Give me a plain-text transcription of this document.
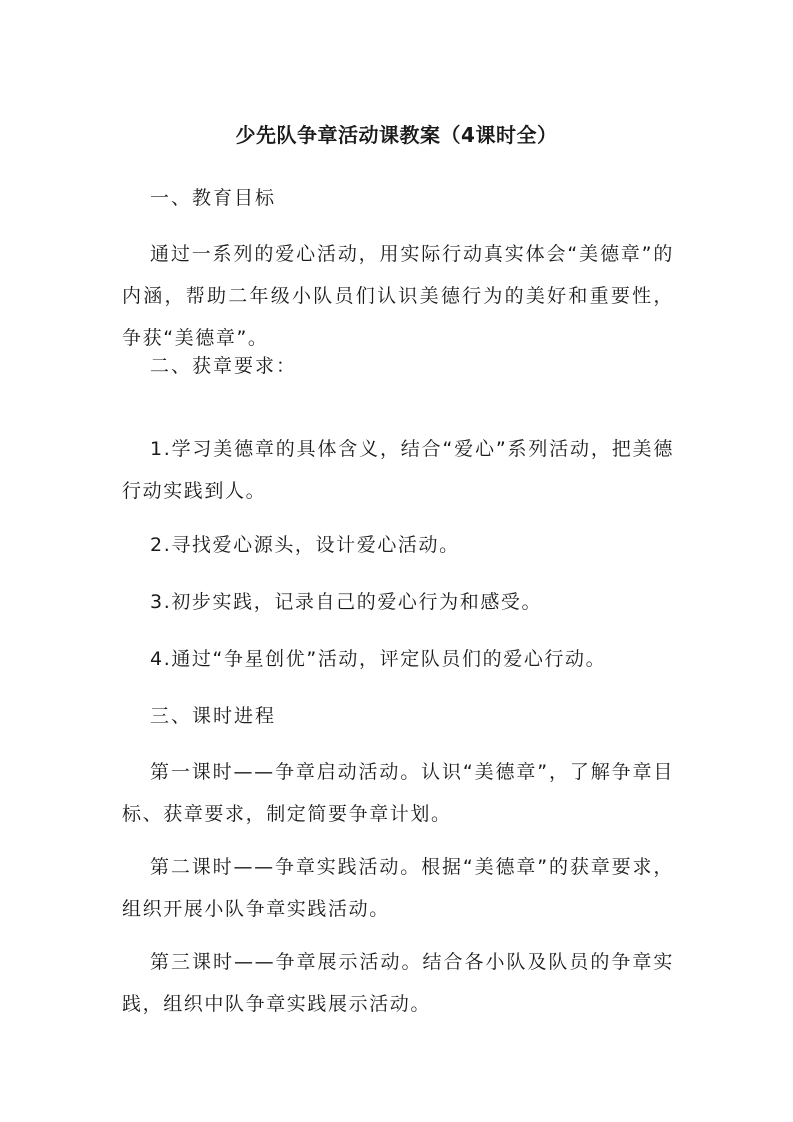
少先队争章活动课教案（4课时全）

一、教育目标

通过一系列的爱心活动，用实际行动真实体会“美德章”的内涵，帮助二年级小队员们认识美德行为的美好和重要性，争获“美德章”。

二、获章要求：

1.学习美德章的具体含义，结合“爱心”系列活动，把美德行动实践到人。

2.寻找爱心源头，设计爱心活动。

3.初步实践，记录自己的爱心行为和感受。

4.通过“争星创优”活动，评定队员们的爱心行动。

三、课时进程

第一课时——争章启动活动。认识“美德章”，了解争章目标、获章要求，制定简要争章计划。

第二课时——争章实践活动。根据“美德章”的获章要求，组织开展小队争章实践活动。

第三课时——争章展示活动。结合各小队及队员的争章实践，组织中队争章实践展示活动。
